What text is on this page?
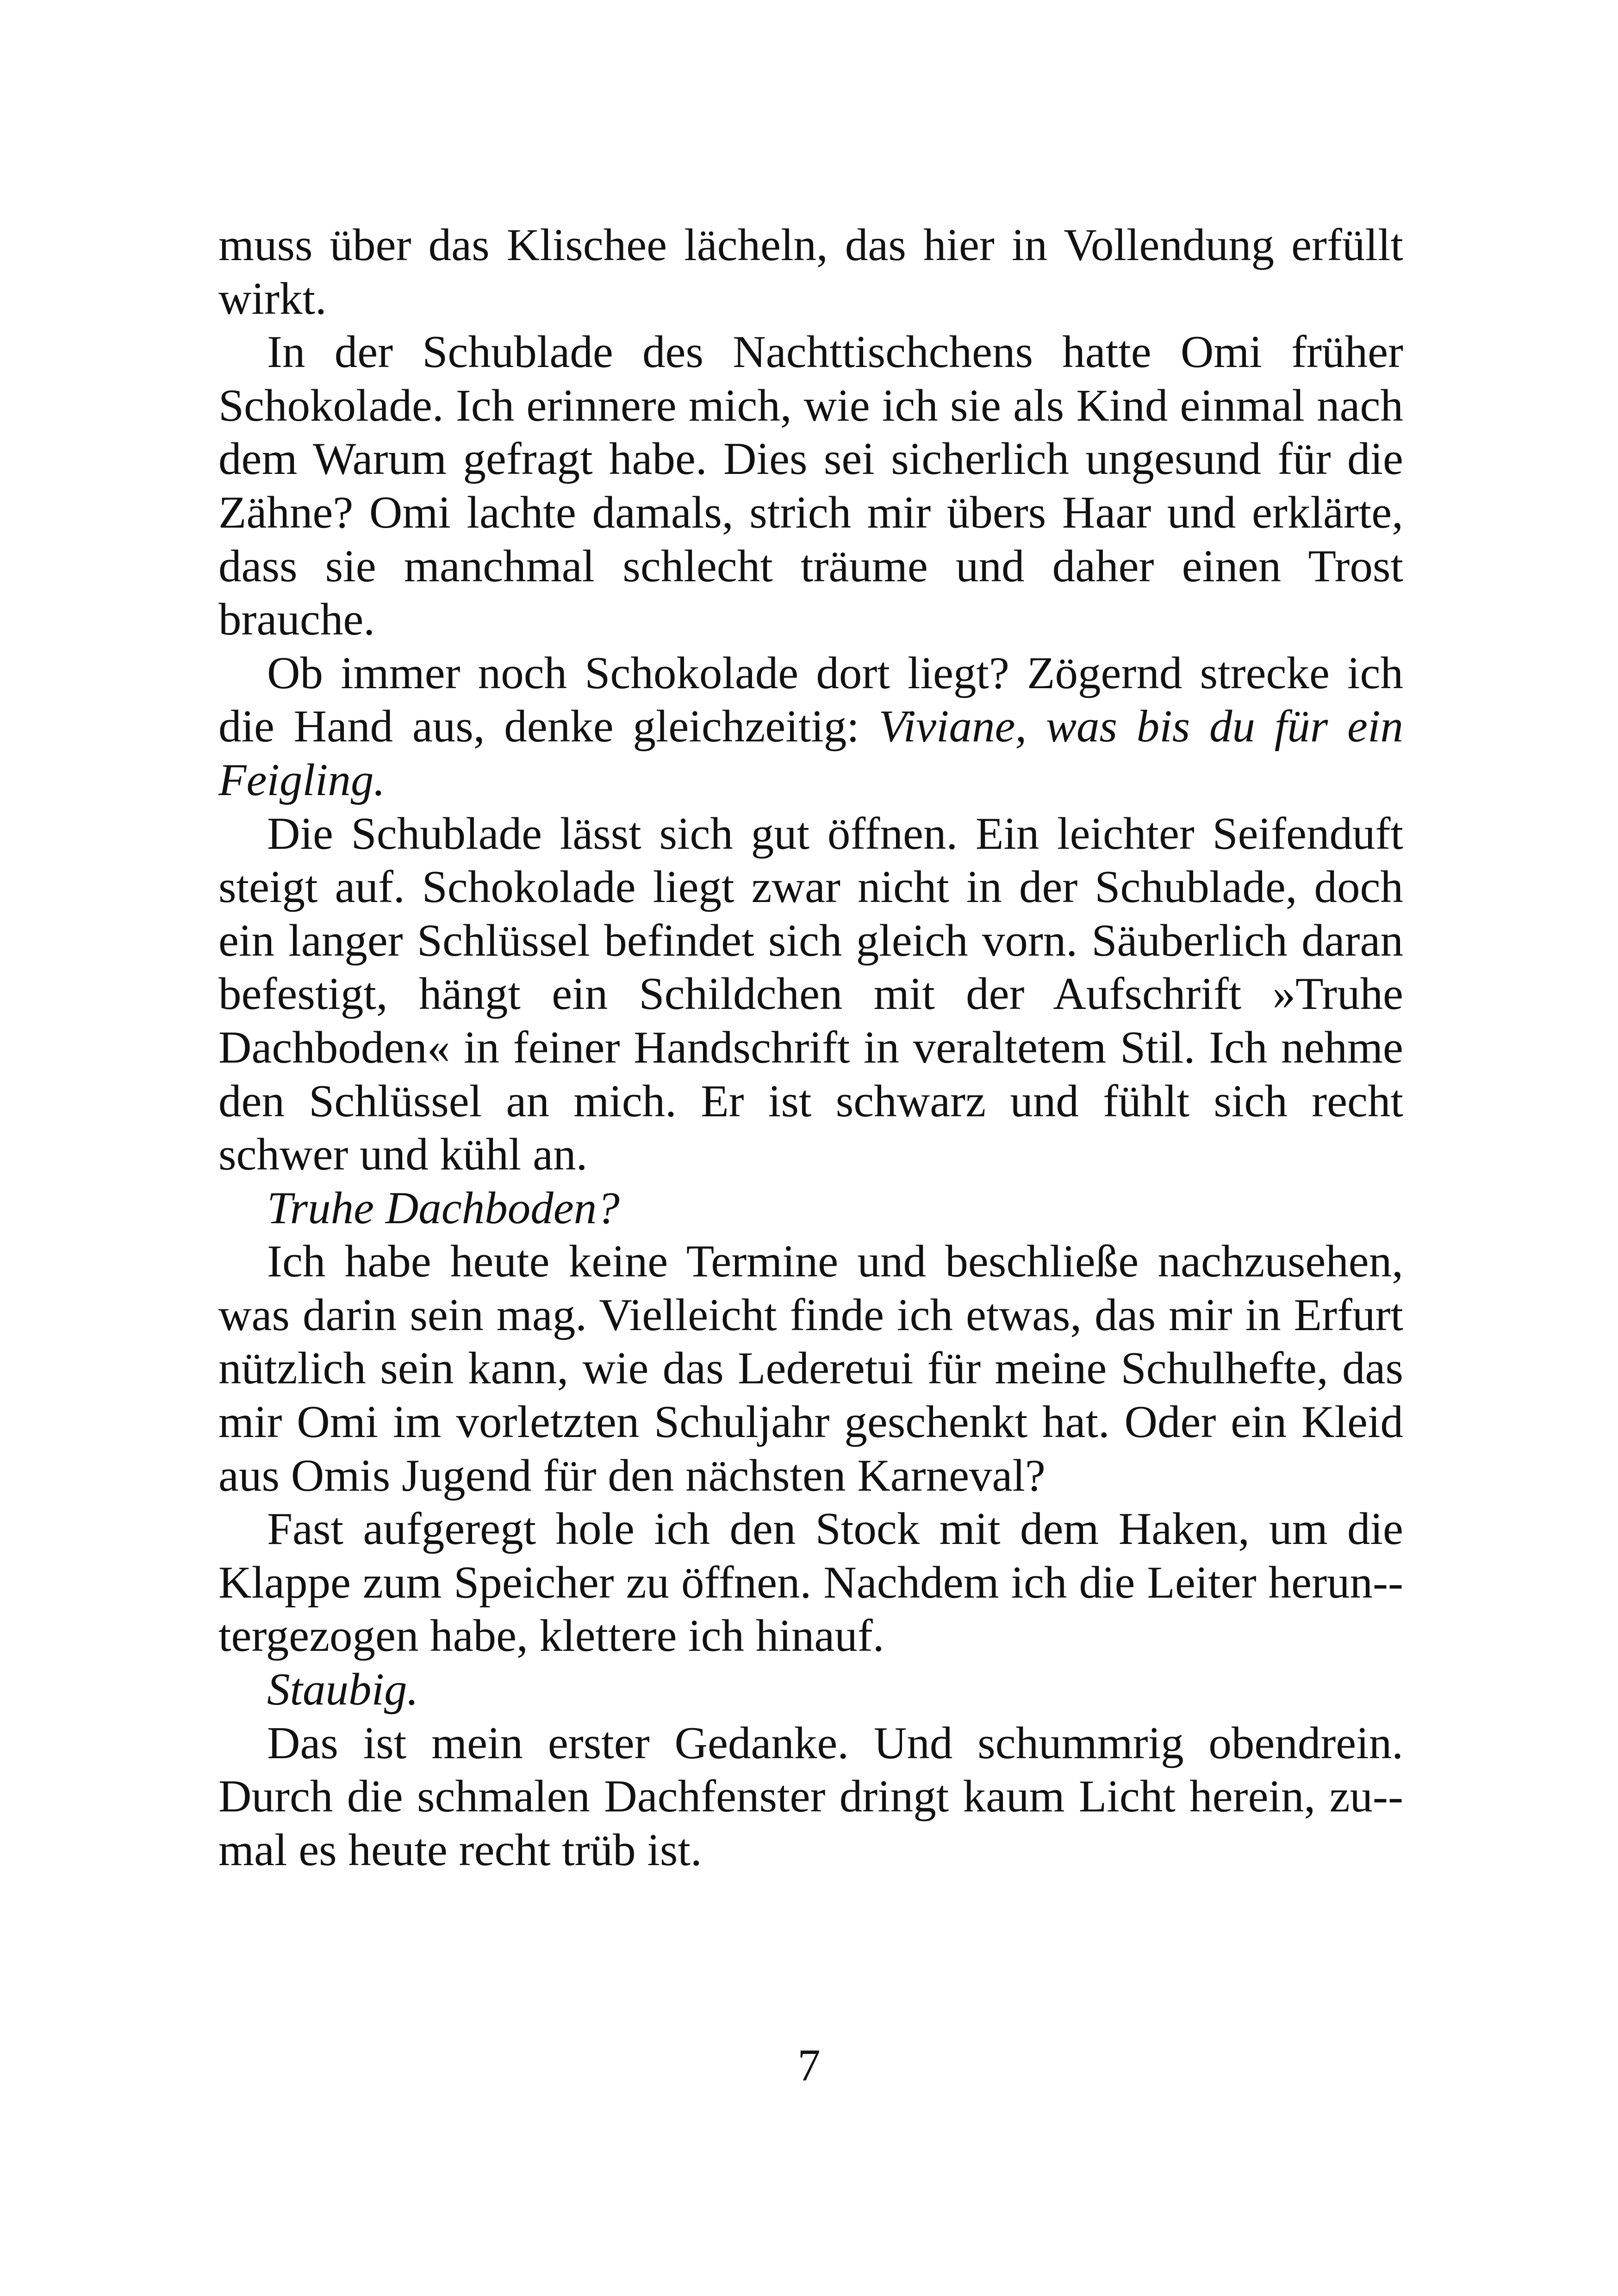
muss über das Klischee lächeln, das hier in Vollendung erfüllt wirkt.

In der Schublade des Nachttischchens hatte Omi früher Schokolade. Ich erinnere mich, wie ich sie als Kind einmal nach dem Warum gefragt habe. Dies sei sicherlich ungesund für die Zähne? Omi lachte damals, strich mir übers Haar und erklärte, dass sie manchmal schlecht träume und daher einen Trost brauche.

Ob immer noch Schokolade dort liegt? Zögernd strecke ich die Hand aus, denke gleichzeitig: Viviane, was bis du für ein Feigling.

Die Schublade lässt sich gut öffnen. Ein leichter Seifenduft steigt auf. Schokolade liegt zwar nicht in der Schublade, doch ein langer Schlüssel befindet sich gleich vorn. Säuberlich daran befestigt, hängt ein Schildchen mit der Aufschrift »Truhe Dachboden« in feiner Handschrift in veraltetem Stil. Ich nehme den Schlüssel an mich. Er ist schwarz und fühlt sich recht schwer und kühl an.

Truhe Dachboden?

Ich habe heute keine Termine und beschließe nachzusehen, was darin sein mag. Vielleicht finde ich etwas, das mir in Erfurt nützlich sein kann, wie das Lederetui für meine Schulhefte, das mir Omi im vorletzten Schuljahr geschenkt hat. Oder ein Kleid aus Omis Jugend für den nächsten Karneval?

Fast aufgeregt hole ich den Stock mit dem Haken, um die Klappe zum Speicher zu öffnen. Nachdem ich die Leiter herun-tergezogen habe, klettere ich hinauf.

Staubig.

Das ist mein erster Gedanke. Und schummrig obendrein. Durch die schmalen Dachfenster dringt kaum Licht herein, zu-mal es heute recht trüb ist.

7
